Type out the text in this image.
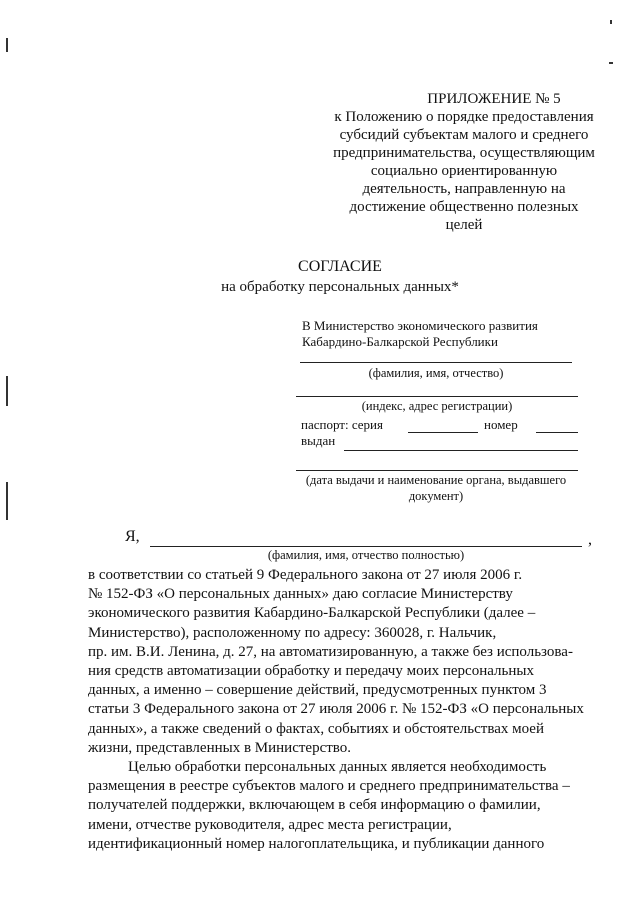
ПРИЛОЖЕНИЕ № 5
к Положению о порядке предоставления
субсидий субъектам малого и среднего
предпринимательства, осуществляющим
социально ориентированную
деятельность, направленную на
достижение общественно полезных
целей
СОГЛАСИЕ
на обработку персональных данных*
В Министерство экономического развития
Кабардино-Балкарской Республики
(фамилия, имя, отчество)
(индекс, адрес регистрации)
паспорт: серия	номер
выдан
(дата выдачи и наименование органа, выдавшего
документ)
Я,	,
(фамилия, имя, отчество полностью)
в соответствии со статьей 9 Федерального закона от 27 июля 2006 г.
№ 152-ФЗ «О персональных данных» даю согласие Министерству
экономического развития Кабардино-Балкарской Республики (далее –
Министерство), расположенному по адресу: 360028, г. Нальчик,
пр. им. В.И. Ленина, д. 27, на автоматизированную, а также без использова-
ния средств автоматизации обработку и передачу моих персональных
данных, а именно – совершение действий, предусмотренных пунктом 3
статьи 3 Федерального закона от 27 июля 2006 г. № 152-ФЗ «О персональных
данных», а также сведений о фактах, событиях и обстоятельствах моей
жизни, представленных в Министерство.
Целью обработки персональных данных является необходимость
размещения в реестре субъектов малого и среднего предпринимательства –
получателей поддержки, включающем в себя информацию о фамилии,
имени, отчестве руководителя, адрес места регистрации,
идентификационный номер налогоплательщика, и публикации данного
